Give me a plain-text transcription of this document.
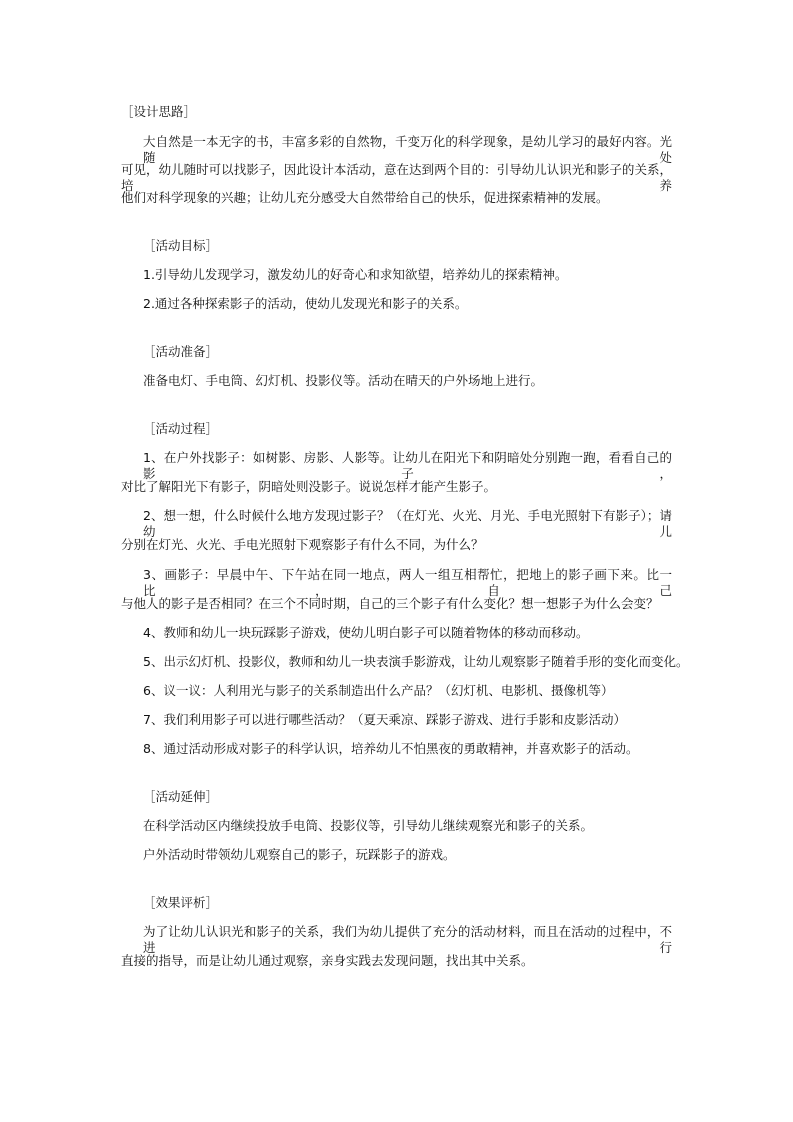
［设计思路］
大自然是一本无字的书，丰富多彩的自然物，千变万化的科学现象，是幼儿学习的最好内容。光随处
可见，幼儿随时可以找影子，因此设计本活动，意在达到两个目的：引导幼儿认识光和影子的关系，培养
他们对科学现象的兴趣；让幼儿充分感受大自然带给自己的快乐，促进探索精神的发展。
［活动目标］
1.引导幼儿发现学习，激发幼儿的好奇心和求知欲望，培养幼儿的探索精神。
2.通过各种探索影子的活动，使幼儿发现光和影子的关系。
［活动准备］
准备电灯、手电筒、幻灯机、投影仪等。活动在晴天的户外场地上进行。
［活动过程］
1、在户外找影子：如树影、房影、人影等。让幼儿在阳光下和阴暗处分别跑一跑，看看自己的影子，
对比了解阳光下有影子，阴暗处则没影子。说说怎样才能产生影子。
2、想一想，什么时候什么地方发现过影子？（在灯光、火光、月光、手电光照射下有影子）；请幼儿
分别在灯光、火光、手电光照射下观察影子有什么不同，为什么？
3、画影子：早晨中午、下午站在同一地点，两人一组互相帮忙，把地上的影子画下来。比一比，自己
与他人的影子是否相同？在三个不同时期，自己的三个影子有什么变化？想一想影子为什么会变？
4、教师和幼儿一块玩踩影子游戏，使幼儿明白影子可以随着物体的移动而移动。
5、出示幻灯机、投影仪，教师和幼儿一块表演手影游戏，让幼儿观察影子随着手形的变化而变化。
6、议一议：人利用光与影子的关系制造出什么产品？（幻灯机、电影机、摄像机等）
7、我们利用影子可以进行哪些活动？（夏天乘凉、踩影子游戏、进行手影和皮影活动）
8、通过活动形成对影子的科学认识，培养幼儿不怕黑夜的勇敢精神，并喜欢影子的活动。
［活动延伸］
在科学活动区内继续投放手电筒、投影仪等，引导幼儿继续观察光和影子的关系。
户外活动时带领幼儿观察自己的影子，玩踩影子的游戏。
［效果评析］
为了让幼儿认识光和影子的关系，我们为幼儿提供了充分的活动材料，而且在活动的过程中，不进行
直接的指导，而是让幼儿通过观察，亲身实践去发现问题，找出其中关系。
